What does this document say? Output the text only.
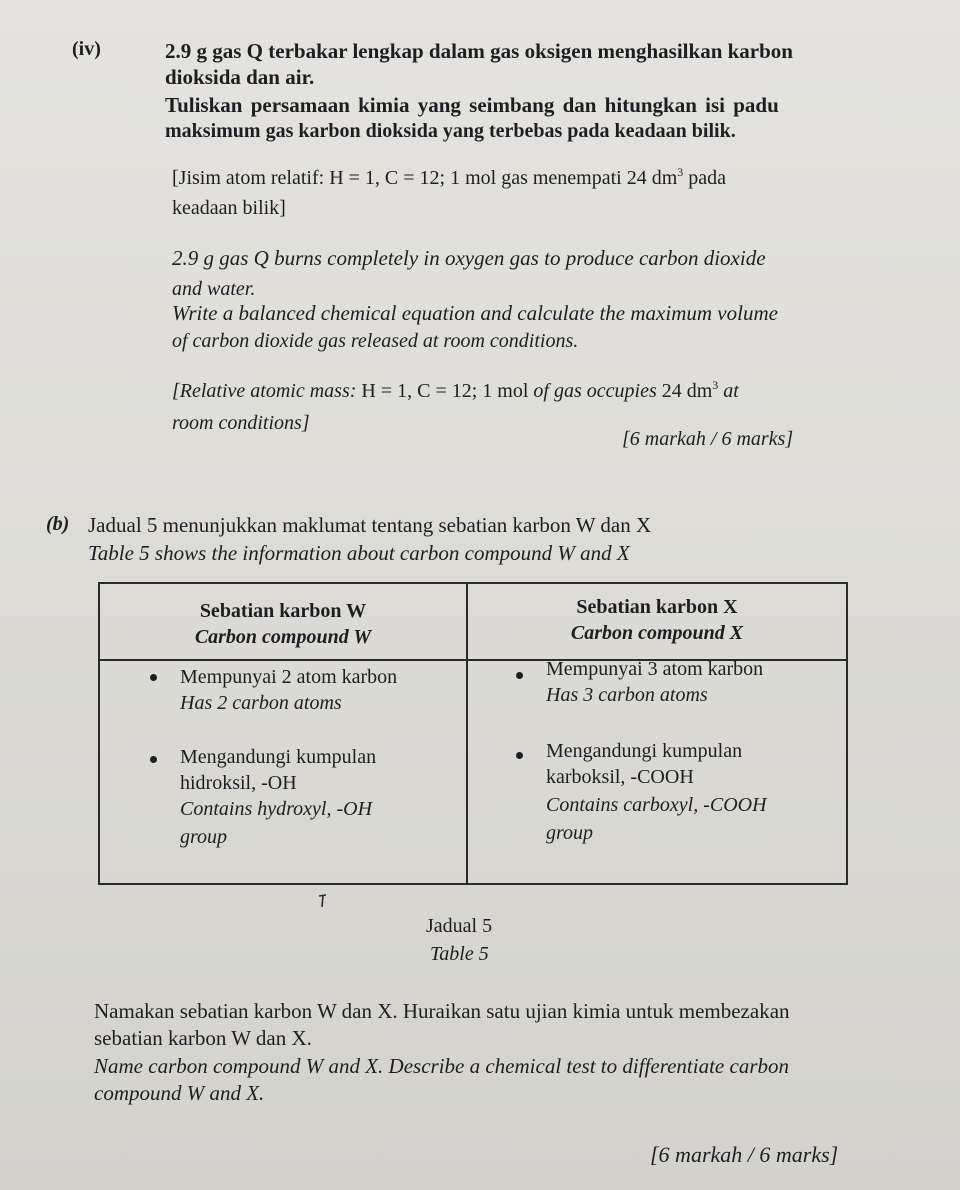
(iv)	2.9 g gas Q terbakar lengkap dalam gas oksigen menghasilkan karbon
dioksida dan air.
Tuliskan persamaan kimia yang seimbang dan hitungkan isi padu
maksimum gas karbon dioksida yang terbebas pada keadaan bilik.
[Jisim atom relatif: H = 1, C = 12; 1 mol gas menempati 24 $dm^3$ pada
keadaan bilik]
2.9 g gas Q burns completely in oxygen gas to produce carbon dioxide
and water.
Write a balanced chemical equation and calculate the maximum volume
of carbon dioxide gas released at room conditions.
[Relative atomic mass: H = 1, C = 12; 1 mol of gas occupies 24 $dm^3$ at
room conditions]
[6 markah / 6 marks]
(b) Jadual 5 menunjukkan maklumat tentang sebatian karbon W dan X
Table 5 shows the information about carbon compound W and X
Sebatian karbon W
Carbon compound W
Sebatian karbon X
Carbon compound X
Mempunyai 2 atom karbon
Has 2 carbon atoms
Mengandungi kumpulan
hidroksil, -OH
Contains hydroxyl, -OH
group
Mempunyai 3 atom karbon
Has 3 carbon atoms
Mengandungi kumpulan
karboksil, -COOH
Contains carboxyl, -COOH
group
Jadual 5
Table 5
Namakan sebatian karbon W dan X. Huraikan satu ujian kimia untuk membezakan
sebatian karbon W dan X.
Name carbon compound W and X. Describe a chemical test to differentiate carbon
compound W and X.
[6 markah / 6 marks]
